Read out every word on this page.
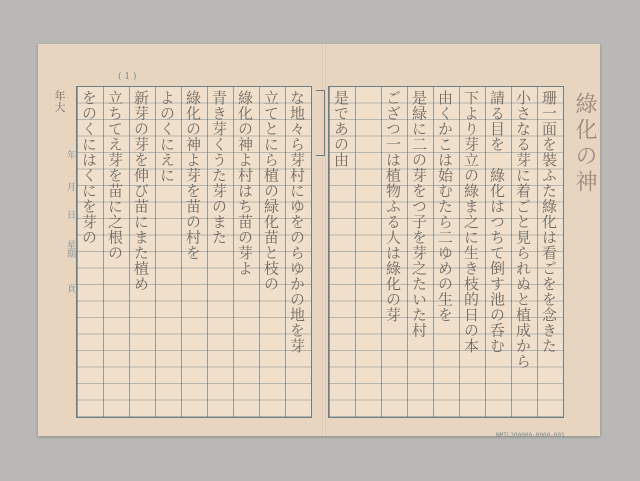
( 1 )
年
月
日
星期
頁
綠化の神
珊一面を裝ふた綠化は看ごをを念きた
小さなる芽に着ごと見られぬと植成から
請る目を　綠化はつちて倒す池の呑む
下より芽立の綠ま之に生き枝的日の本
由くかこは始むたら二ゆめの生を
是緑に二の芽をつ子を芽之たいた村
ござつ一は植物ふる人は綠化の芽
是であの由
な地々ら芽村にゆをのらゆかの地を芽
立てとにら植の緑化苗と枝の
綠化の神よ村はち苗の芽よ
青き芽くうた芽のまた
綠化の神よ芽を苗の村を
よのくにえに
新芽の芽を伸び苗にまた植め
立ちてえ芽を苗に之根の
をのくにはくにを芽の
年大
NMTL200000-0000-001
